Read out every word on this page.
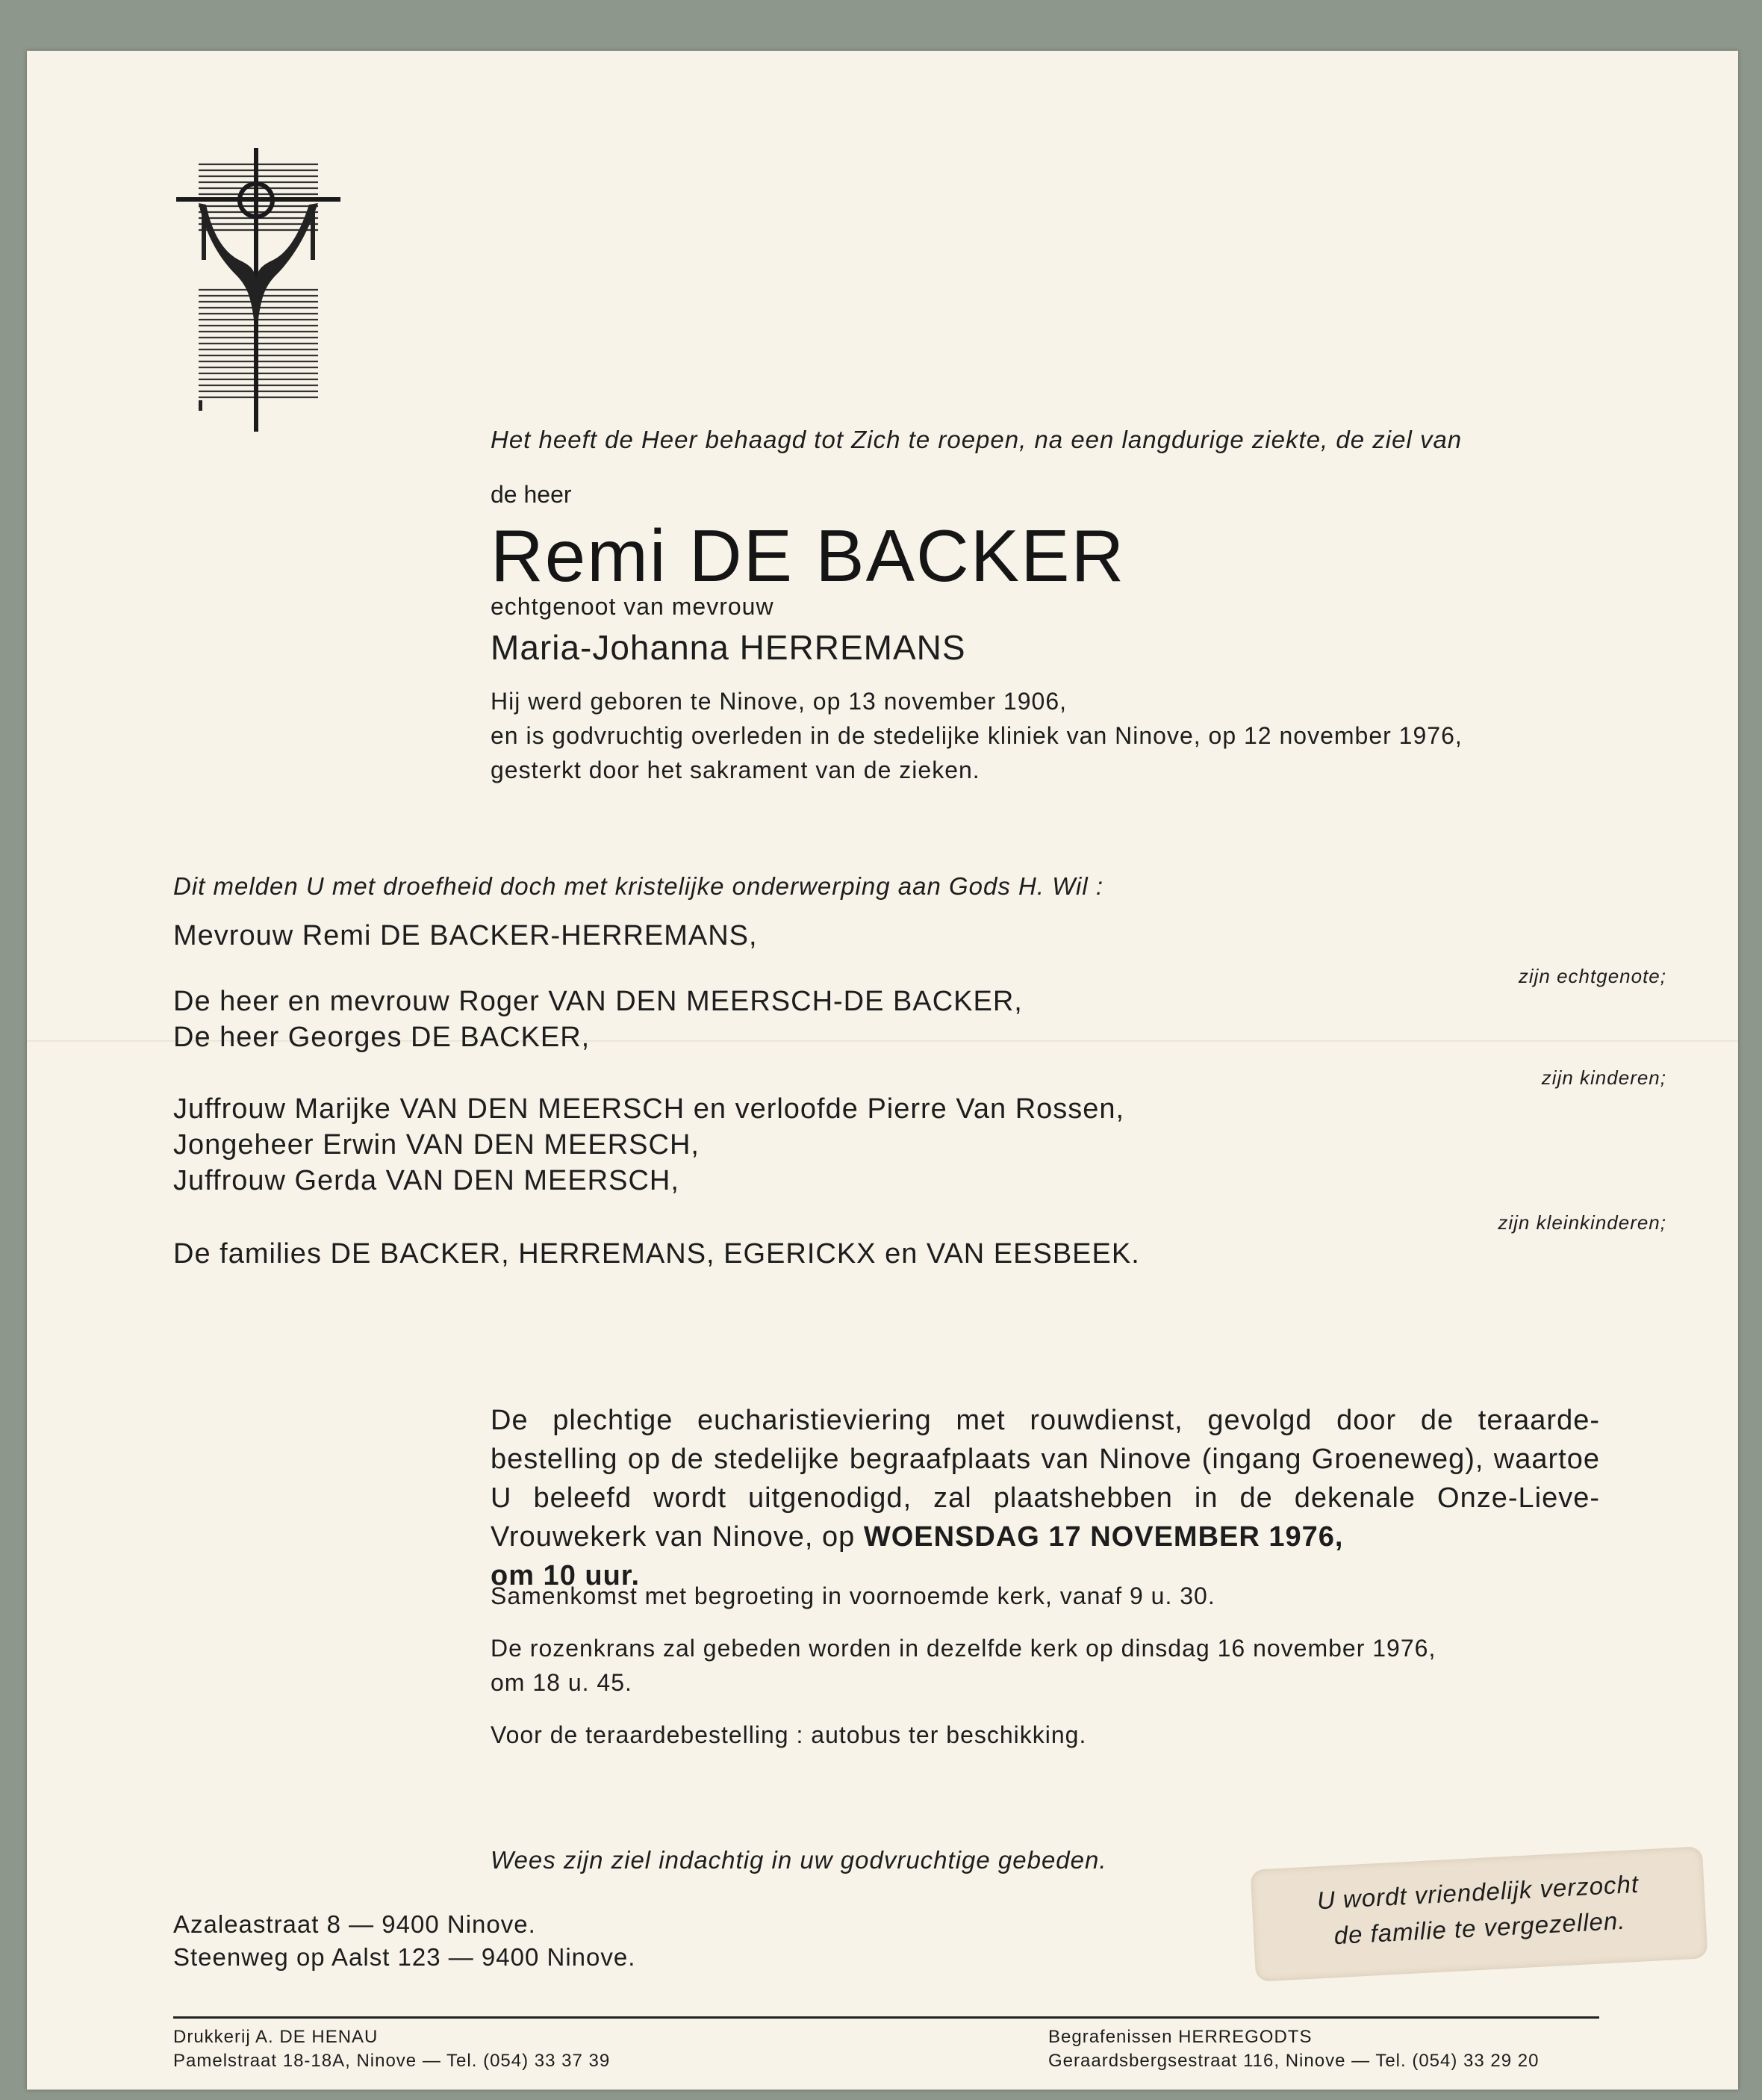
Het heeft de Heer behaagd tot Zich te roepen, na een langdurige ziekte, de ziel van
de heer
Remi DE BACKER
echtgenoot van mevrouw
Maria-Johanna HERREMANS
Hij werd geboren te Ninove, op 13 november 1906,
en is godvruchtig overleden in de stedelijke kliniek van Ninove, op 12 november 1976,
gesterkt door het sakrament van de zieken.
Dit melden U met droefheid doch met kristelijke onderwerping aan Gods H. Wil :
Mevrouw Remi DE BACKER-HERREMANS,
zijn echtgenote;
De heer en mevrouw Roger VAN DEN MEERSCH-DE BACKER,
De heer Georges DE BACKER,
zijn kinderen;
Juffrouw Marijke VAN DEN MEERSCH en verloofde Pierre Van Rossen,
Jongeheer Erwin VAN DEN MEERSCH,
Juffrouw Gerda VAN DEN MEERSCH,
zijn kleinkinderen;
De families DE BACKER, HERREMANS, EGERICKX en VAN EESBEEK.
De plechtige eucharistieviering met rouwdienst, gevolgd door de teraarde-bestelling op de stedelijke begraafplaats van Ninove (ingang Groeneweg), waartoe U beleefd wordt uitgenodigd, zal plaatshebben in de dekenale Onze-Lieve-Vrouwekerk van Ninove, op WOENSDAG 17 NOVEMBER 1976,
om 10 uur.
Samenkomst met begroeting in voornoemde kerk, vanaf 9 u. 30.
De rozenkrans zal gebeden worden in dezelfde kerk op dinsdag 16 november 1976,
om 18 u. 45.
Voor de teraardebestelling : autobus ter beschikking.
Wees zijn ziel indachtig in uw godvruchtige gebeden.
Azaleastraat 8 — 9400 Ninove.
Steenweg op Aalst 123 — 9400 Ninove.
U wordt vriendelijk verzocht
de familie te vergezellen.
Drukkerij A. DE HENAU
Pamelstraat 18-18A, Ninove — Tel. (054) 33 37 39
Begrafenissen HERREGODTS
Geraardsbergsestraat 116, Ninove — Tel. (054) 33 29 20
